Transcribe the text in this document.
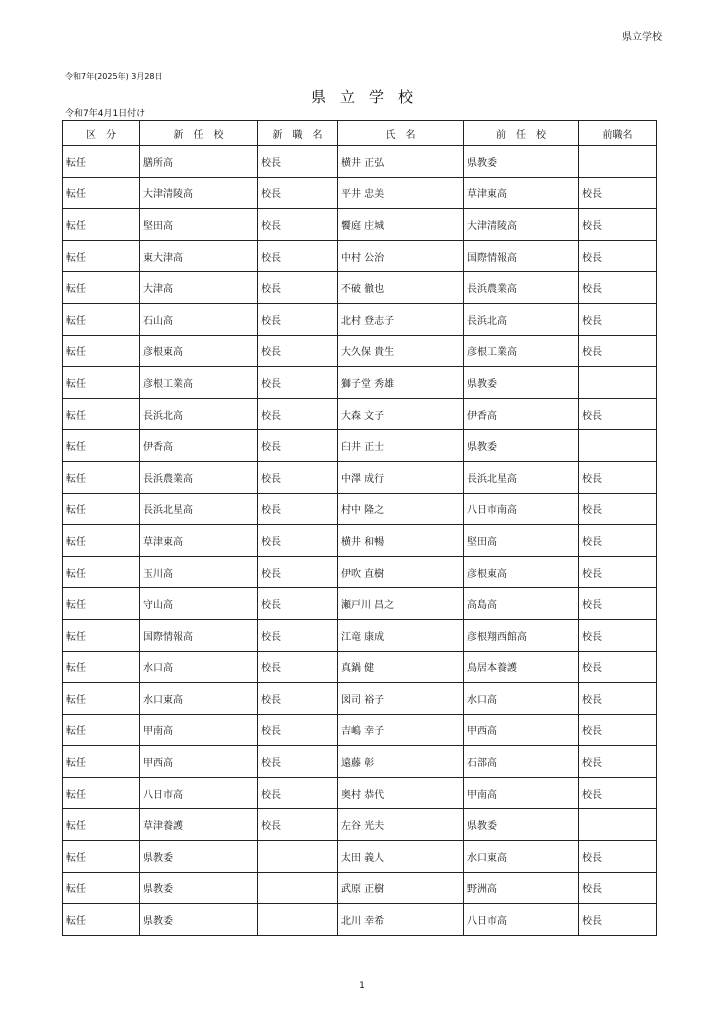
県立学校
令和7年(2025年) 3月28日
県立学校
令和7年4月1日付け
区　分	新　任　校	新　職　名	氏　名	前　任　校	前職名
転任	膳所高	校長	横井 正弘	県教委	
転任	大津清陵高	校長	平井 忠美	草津東高	校長
転任	堅田高	校長	饗庭 庄城	大津清陵高	校長
転任	東大津高	校長	中村 公治	国際情報高	校長
転任	大津高	校長	不破 徹也	長浜農業高	校長
転任	石山高	校長	北村 登志子	長浜北高	校長
転任	彦根東高	校長	大久保 貴生	彦根工業高	校長
転任	彦根工業高	校長	獅子堂 秀雄	県教委	
転任	長浜北高	校長	大森 文子	伊香高	校長
転任	伊香高	校長	臼井 正士	県教委	
転任	長浜農業高	校長	中澤 成行	長浜北星高	校長
転任	長浜北星高	校長	村中 隆之	八日市南高	校長
転任	草津東高	校長	横井 和暢	堅田高	校長
転任	玉川高	校長	伊吹 直樹	彦根東高	校長
転任	守山高	校長	瀬戸川 昌之	高島高	校長
転任	国際情報高	校長	江竜 康成	彦根翔西館高	校長
転任	水口高	校長	真鍋 健	鳥居本養護	校長
転任	水口東高	校長	図司 裕子	水口高	校長
転任	甲南高	校長	吉嶋 幸子	甲西高	校長
転任	甲西高	校長	遠藤 彰	石部高	校長
転任	八日市高	校長	奥村 恭代	甲南高	校長
転任	草津養護	校長	左谷 光夫	県教委	
転任	県教委		太田 義人	水口東高	校長
転任	県教委		武原 正樹	野洲高	校長
転任	県教委		北川 幸希	八日市高	校長
1
